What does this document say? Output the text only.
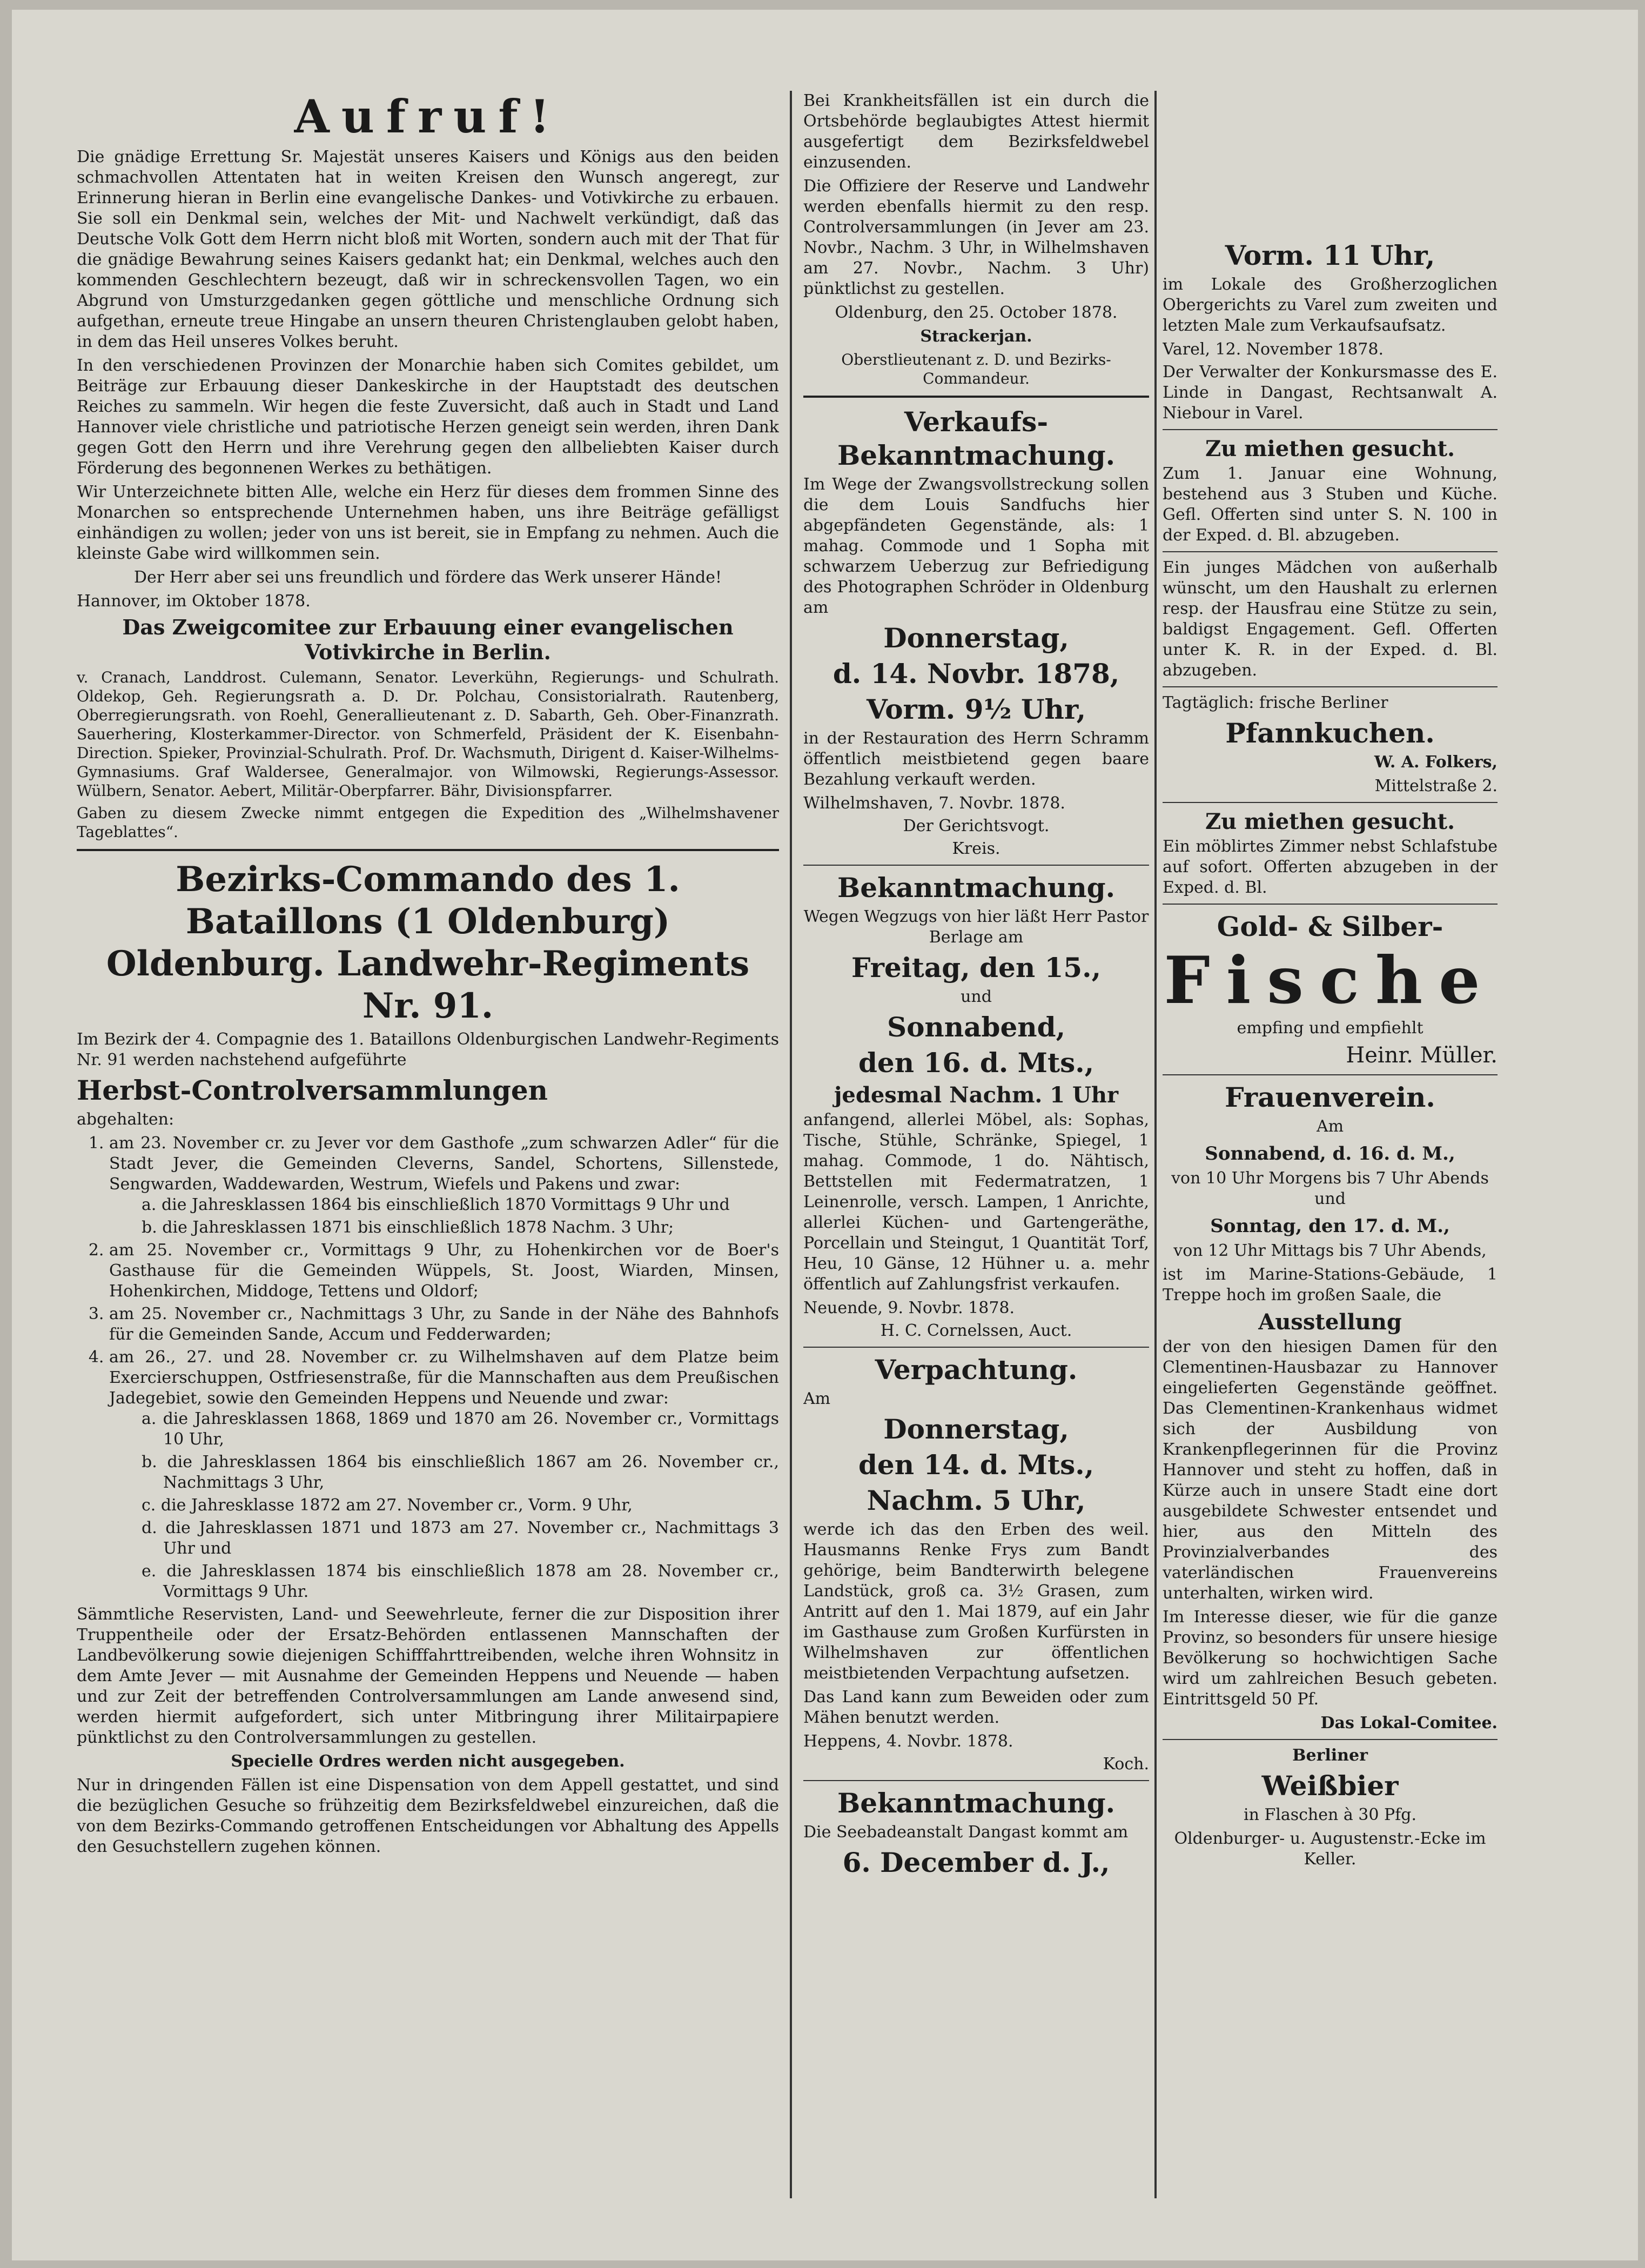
Aufruf!

Die gnädige Errettung Sr. Majestät unseres Kaisers und Königs aus den beiden schmachvollen Attentaten hat in weiten Kreisen den Wunsch angeregt, zur Erinnerung hieran in Berlin eine evangelische Dankes- und Votivkirche zu erbauen. Sie soll ein Denkmal sein, welches der Mit- und Nachwelt verkündigt, daß das Deutsche Volk Gott dem Herrn nicht bloß mit Worten, sondern auch mit der That für die gnädige Bewahrung seines Kaisers gedankt hat; ein Denkmal, welches auch den kommenden Geschlechtern bezeugt, daß wir in schreckensvollen Tagen, wo ein Abgrund von Umsturzgedanken gegen göttliche und menschliche Ordnung sich aufgethan, erneute treue Hingabe an unsern theuren Christenglauben gelobt haben, in dem das Heil unseres Volkes beruht.

In den verschiedenen Provinzen der Monarchie haben sich Comites gebildet, um Beiträge zur Erbauung dieser Dankeskirche in der Hauptstadt des deutschen Reiches zu sammeln. Wir hegen die feste Zuversicht, daß auch in Stadt und Land Hannover viele christliche und patriotische Herzen geneigt sein werden, ihren Dank gegen Gott den Herrn und ihre Verehrung gegen den allbeliebten Kaiser durch Förderung des begonnenen Werkes zu bethätigen.

Wir Unterzeichnete bitten Alle, welche ein Herz für dieses dem frommen Sinne des Monarchen so entsprechende Unternehmen haben, uns ihre Beiträge gefälligst einhändigen zu wollen; jeder von uns ist bereit, sie in Empfang zu nehmen. Auch die kleinste Gabe wird willkommen sein.

Der Herr aber sei uns freundlich und fördere das Werk unserer Hände!

Hannover, im Oktober 1878.

Das Zweigcomitee zur Erbauung einer evangelischen Votivkirche in Berlin.

v. Cranach, Landdrost. Culemann, Senator. Leverkühn, Regierungs- und Schulrath. Oldekop, Geh. Regierungsrath a. D. Dr. Polchau, Consistorialrath. Rautenberg, Oberregierungsrath. von Roehl, Generallieutenant z. D. Sabarth, Geh. Ober-Finanzrath. Sauerhering, Klosterkammer-Director. von Schmerfeld, Präsident der K. Eisenbahn-Direction. Spieker, Provinzial-Schulrath. Prof. Dr. Wachsmuth, Dirigent d. Kaiser-Wilhelms-Gymnasiums. Graf Waldersee, Generalmajor. von Wilmowski, Regierungs-Assessor. Wülbern, Senator. Aebert, Militär-Oberpfarrer. Bähr, Divisionspfarrer.

Gaben zu diesem Zwecke nimmt entgegen die Expedition des „Wilhelmshavener Tageblattes“.

Bezirks-Commando des 1. Bataillons (1 Oldenburg) Oldenburg. Landwehr-Regiments Nr. 91.

Im Bezirk der 4. Compagnie des 1. Bataillons Oldenburgischen Landwehr-Regiments Nr. 91 werden nachstehend aufgeführte

Herbst-Controlversammlungen

abgehalten:

1. am 23. November cr. zu Jever vor dem Gasthofe „zum schwarzen Adler“ für die Stadt Jever, die Gemeinden Cleverns, Sandel, Schortens, Sillenstede, Sengwarden, Waddewarden, Westrum, Wiefels und Pakens und zwar:
a. die Jahresklassen 1864 bis einschließlich 1870 Vormittags 9 Uhr und
b. die Jahresklassen 1871 bis einschließlich 1878 Nachm. 3 Uhr;
2. am 25. November cr., Vormittags 9 Uhr, zu Hohenkirchen vor de Boer's Gasthause für die Gemeinden Wüppels, St. Joost, Wiarden, Minsen, Hohenkirchen, Middoge, Tettens und Oldorf;
3. am 25. November cr., Nachmittags 3 Uhr, zu Sande in der Nähe des Bahnhofs für die Gemeinden Sande, Accum und Fedderwarden;
4. am 26., 27. und 28. November cr. zu Wilhelmshaven auf dem Platze beim Exercierschuppen, Ostfriesenstraße, für die Mannschaften aus dem Preußischen Jadegebiet, sowie den Gemeinden Heppens und Neuende und zwar:
a. die Jahresklassen 1868, 1869 und 1870 am 26. November cr., Vormittags 10 Uhr,
b. die Jahresklassen 1864 bis einschließlich 1867 am 26. November cr., Nachmittags 3 Uhr,
c. die Jahresklasse 1872 am 27. November cr., Vorm. 9 Uhr,
d. die Jahresklassen 1871 und 1873 am 27. November cr., Nachmittags 3 Uhr und
e. die Jahresklassen 1874 bis einschließlich 1878 am 28. November cr., Vormittags 9 Uhr.

Sämmtliche Reservisten, Land- und Seewehrleute, ferner die zur Disposition ihrer Truppentheile oder der Ersatz-Behörden entlassenen Mannschaften der Landbevölkerung sowie diejenigen Schifffahrttreibenden, welche ihren Wohnsitz in dem Amte Jever — mit Ausnahme der Gemeinden Heppens und Neuende — haben und zur Zeit der betreffenden Controlversammlungen am Lande anwesend sind, werden hiermit aufgefordert, sich unter Mitbringung ihrer Militairpapiere pünktlichst zu den Controlversammlungen zu gestellen.

Specielle Ordres werden nicht ausgegeben.

Nur in dringenden Fällen ist eine Dispensation von dem Appell gestattet, und sind die bezüglichen Gesuche so frühzeitig dem Bezirksfeldwebel einzureichen, daß die von dem Bezirks-Commando getroffenen Entscheidungen vor Abhaltung des Appells den Gesuchstellern zugehen können.

Bei Krankheitsfällen ist ein durch die Ortsbehörde beglaubigtes Attest hiermit ausgefertigt dem Bezirksfeldwebel einzusenden.

Die Offiziere der Reserve und Landwehr werden ebenfalls hiermit zu den resp. Controlversammlungen (in Jever am 23. Novbr., Nachm. 3 Uhr, in Wilhelmshaven am 27. Novbr., Nachm. 3 Uhr) pünktlichst zu gestellen.

Oldenburg, den 25. October 1878.

Strackerjan.

Oberstlieutenant z. D. und Bezirks-Commandeur.

Verkaufs-Bekanntmachung.

Im Wege der Zwangsvollstreckung sollen die dem Louis Sandfuchs hier abgepfändeten Gegenstände, als: 1 mahag. Commode und 1 Sopha mit schwarzem Ueberzug zur Befriedigung des Photographen Schröder in Oldenburg am

Donnerstag,
d. 14. Novbr. 1878,
Vorm. 9½ Uhr,

in der Restauration des Herrn Schramm öffentlich meistbietend gegen baare Bezahlung verkauft werden.

Wilhelmshaven, 7. Novbr. 1878.

Der Gerichtsvogt.

Kreis.

Bekanntmachung.

Wegen Wegzugs von hier läßt Herr Pastor Berlage am

Freitag, den 15.,

und

Sonnabend,
den 16. d. Mts.,
jedesmal Nachm. 1 Uhr

anfangend, allerlei Möbel, als: Sophas, Tische, Stühle, Schränke, Spiegel, 1 mahag. Commode, 1 do. Nähtisch, Bettstellen mit Federmatratzen, 1 Leinenrolle, versch. Lampen, 1 Anrichte, allerlei Küchen- und Gartengeräthe, Porcellain und Steingut, 1 Quantität Torf, Heu, 10 Gänse, 12 Hühner u. a. mehr öffentlich auf Zahlungsfrist verkaufen.

Neuende, 9. Novbr. 1878.

H. C. Cornelssen, Auct.

Verpachtung.

Am

Donnerstag,
den 14. d. Mts.,
Nachm. 5 Uhr,

werde ich das den Erben des weil. Hausmanns Renke Frys zum Bandt gehörige, beim Bandterwirth belegene Landstück, groß ca. 3½ Grasen, zum Antritt auf den 1. Mai 1879, auf ein Jahr im Gasthause zum Großen Kurfürsten in Wilhelmshaven zur öffentlichen meistbietenden Verpachtung aufsetzen.

Das Land kann zum Beweiden oder zum Mähen benutzt werden.

Heppens, 4. Novbr. 1878.

Koch.

Bekanntmachung.

Die Seebadeanstalt Dangast kommt am

6. December d. J.,
Vorm. 11 Uhr,

im Lokale des Großherzoglichen Obergerichts zu Varel zum zweiten und letzten Male zum Verkaufsaufsatz.

Varel, 12. November 1878.

Der Verwalter der Konkursmasse des E. Linde in Dangast, Rechtsanwalt A. Niebour in Varel.

Zu miethen gesucht.

Zum 1. Januar eine Wohnung, bestehend aus 3 Stuben und Küche. Gefl. Offerten sind unter S. N. 100 in der Exped. d. Bl. abzugeben.

Ein junges Mädchen von außerhalb wünscht, um den Haushalt zu erlernen resp. der Hausfrau eine Stütze zu sein, baldigst Engagement. Gefl. Offerten unter K. R. in der Exped. d. Bl. abzugeben.

Tagtäglich: frische Berliner

Pfannkuchen.

W. A. Folkers,

Mittelstraße 2.

Zu miethen gesucht.

Ein möblirtes Zimmer nebst Schlafstube auf sofort. Offerten abzugeben in der Exped. d. Bl.

Gold- & Silber-
Fische

empfing und empfiehlt

Heinr. Müller.

Frauenverein.

Am

Sonnabend, d. 16. d. M.,

von 10 Uhr Morgens bis 7 Uhr Abends und

Sonntag, den 17. d. M.,

von 12 Uhr Mittags bis 7 Uhr Abends,

ist im Marine-Stations-Gebäude, 1 Treppe hoch im großen Saale, die

Ausstellung

der von den hiesigen Damen für den Clementinen-Hausbazar zu Hannover eingelieferten Gegenstände geöffnet. Das Clementinen-Krankenhaus widmet sich der Ausbildung von Krankenpflegerinnen für die Provinz Hannover und steht zu hoffen, daß in Kürze auch in unsere Stadt eine dort ausgebildete Schwester entsendet und hier, aus den Mitteln des Provinzialverbandes des vaterländischen Frauenvereins unterhalten, wirken wird.

Im Interesse dieser, wie für die ganze Provinz, so besonders für unsere hiesige Bevölkerung so hochwichtigen Sache wird um zahlreichen Besuch gebeten. Eintrittsgeld 50 Pf.

Das Lokal-Comitee.

Berliner

Weißbier

in Flaschen à 30 Pfg.

Oldenburger- u. Augustenstr.-Ecke im Keller.
